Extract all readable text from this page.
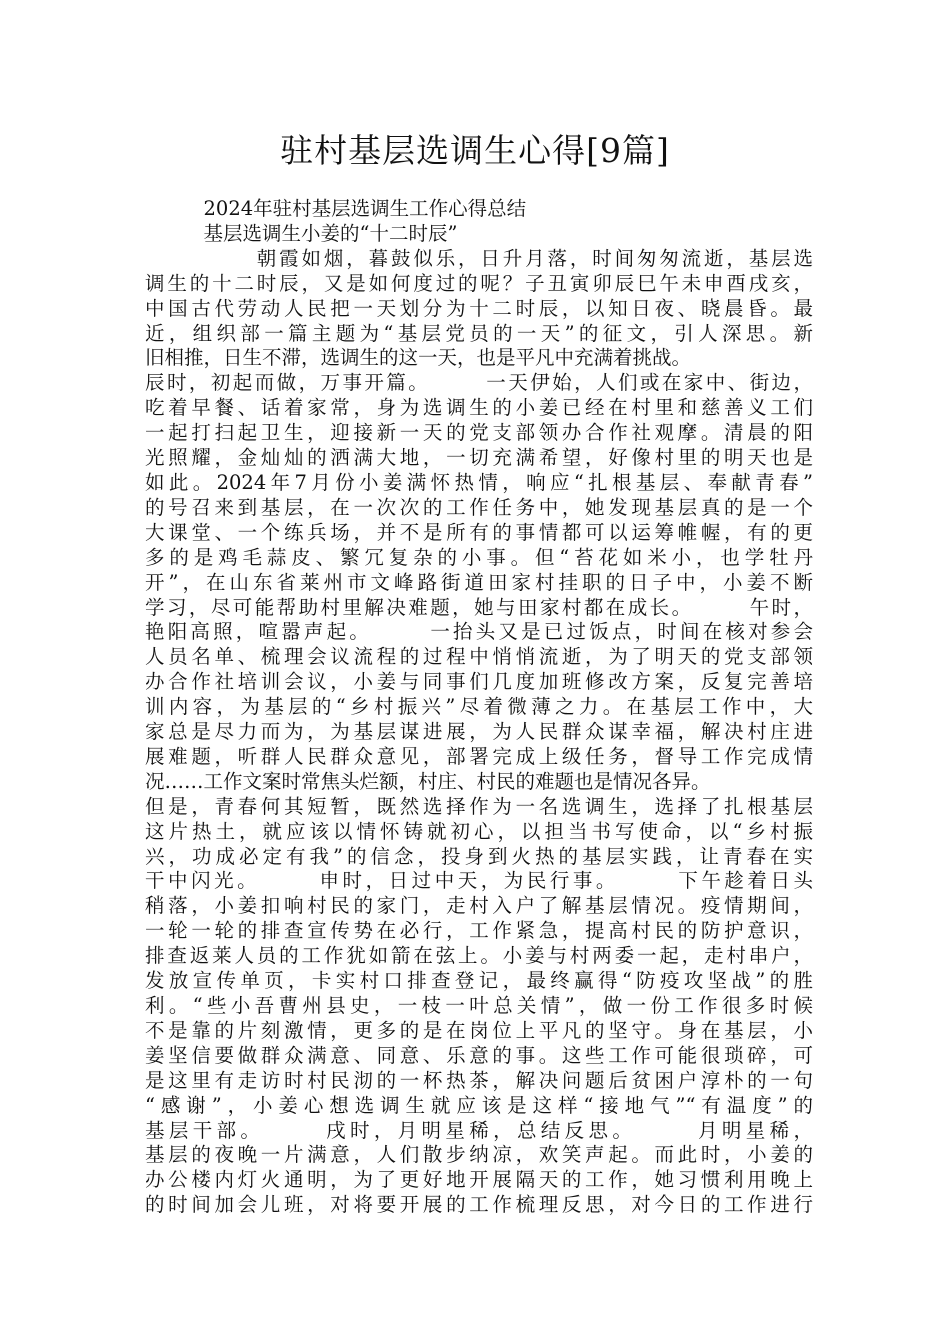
驻村基层选调生心得[9篇]
　　　2024年驻村基层选调生工作心得总结
　　　基层选调生小姜的“十二时辰”
　　　　　朝霞如烟，暮鼓似乐，日升月落，时间匆匆流逝，基层选
调生的十二时辰，又是如何度过的呢？子丑寅卯辰巳午未申酉戌亥，
中国古代劳动人民把一天划分为十二时辰，以知日夜、晓晨昏。最
近，组织部一篇主题为“基层党员的一天”的征文，引人深思。新
旧相推，日生不滞，选调生的这一天，也是平凡中充满着挑战。
辰时，初起而做，万事开篇。　　　一天伊始，人们或在家中、街边，
吃着早餐、话着家常，身为选调生的小姜已经在村里和慈善义工们
一起打扫起卫生，迎接新一天的党支部领办合作社观摩。清晨的阳
光照耀，金灿灿的洒满大地，一切充满希望，好像村里的明天也是
如此。2024年7月份小姜满怀热情，响应“扎根基层、奉献青春”
的号召来到基层，在一次次的工作任务中，她发现基层真的是一个
大课堂、一个练兵场，并不是所有的事情都可以运筹帷幄，有的更
多的是鸡毛蒜皮、繁冗复杂的小事。但“苔花如米小，也学牡丹
开”，在山东省莱州市文峰路街道田家村挂职的日子中，小姜不断
学习，尽可能帮助村里解决难题，她与田家村都在成长。　　　午时，
艳阳高照，喧嚣声起。　　　一抬头又是已过饭点，时间在核对参会
人员名单、梳理会议流程的过程中悄悄流逝，为了明天的党支部领
办合作社培训会议，小姜与同事们几度加班修改方案，反复完善培
训内容，为基层的“乡村振兴”尽着微薄之力。在基层工作中，大
家总是尽力而为，为基层谋进展，为人民群众谋幸福，解决村庄进
展难题，听群人民群众意见，部署完成上级任务，督导工作完成情
况……工作文案时常焦头烂额，村庄、村民的难题也是情况各异。
但是，青春何其短暂，既然选择作为一名选调生，选择了扎根基层
这片热土，就应该以情怀铸就初心，以担当书写使命，以“乡村振
兴，功成必定有我”的信念，投身到火热的基层实践，让青春在实
干中闪光。　　　申时，日过中天，为民行事。　　　下午趁着日头
稍落，小姜扣响村民的家门，走村入户了解基层情况。疫情期间，
一轮一轮的排查宣传势在必行，工作紧急，提高村民的防护意识，
排查返莱人员的工作犹如箭在弦上。小姜与村两委一起，走村串户，
发放宣传单页，卡实村口排查登记，最终赢得“防疫攻坚战”的胜
利。“些小吾曹州县史，一枝一叶总关情”，做一份工作很多时候
不是靠的片刻激情，更多的是在岗位上平凡的坚守。身在基层，小
姜坚信要做群众满意、同意、乐意的事。这些工作可能很琐碎，可
是这里有走访时村民沏的一杯热茶，解决问题后贫困户淳朴的一句
“感谢”，小姜心想选调生就应该是这样“接地气”“有温度”的
基层干部。　　　戌时，月明星稀，总结反思。　　　月明星稀，
基层的夜晚一片满意，人们散步纳凉，欢笑声起。而此时，小姜的
办公楼内灯火通明，为了更好地开展隔天的工作，她习惯利用晚上
的时间加会儿班，对将要开展的工作梳理反思，对今日的工作进行
